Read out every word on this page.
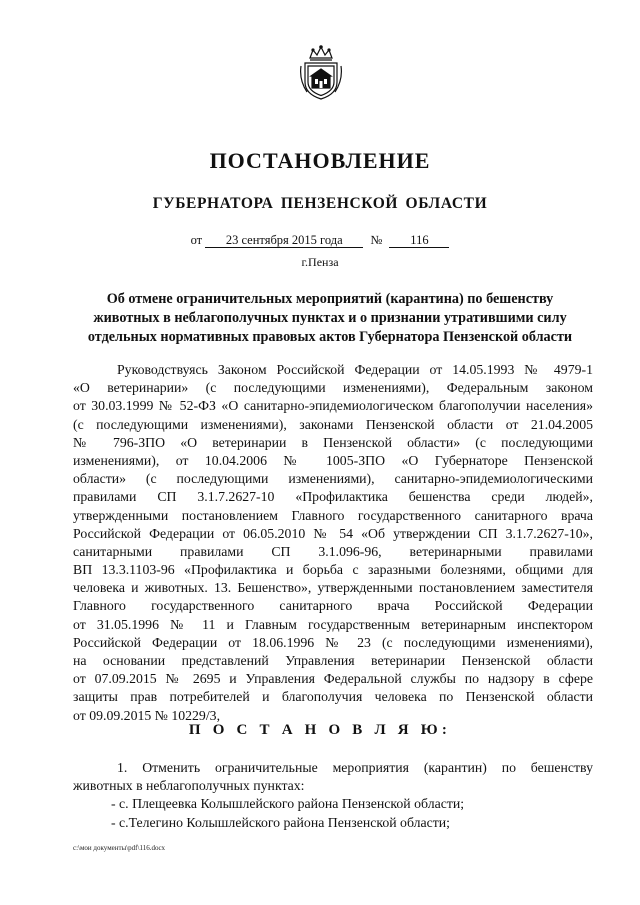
ПОСТАНОВЛЕНИЕ
ГУБЕРНАТОРА ПЕНЗЕНСКОЙ ОБЛАСТИ
от 23 сентября 2015 года № 116
г.Пенза
Об отмене ограничительных мероприятий (карантина) по бешенству
животных в неблагополучных пунктах и о признании утратившими силу
отдельных нормативных правовых актов Губернатора Пензенской области
Руководствуясь Законом Российской Федерации от 14.05.1993 № 4979-1
«О ветеринарии» (с последующими изменениями), Федеральным законом
от 30.03.1999 № 52-ФЗ «О санитарно-эпидемиологическом благополучии населения»
(с последующими изменениями), законами Пензенской области от 21.04.2005
№ 796-ЗПО «О ветеринарии в Пензенской области» (с последующими
изменениями), от 10.04.2006 № 1005-ЗПО «О Губернаторе Пензенской
области» (с последующими изменениями), санитарно-эпидемиологическими
правилами СП 3.1.7.2627-10 «Профилактика бешенства среди людей»,
утвержденными постановлением Главного государственного санитарного врача
Российской Федерации от 06.05.2010 № 54 «Об утверждении СП 3.1.7.2627-10»,
санитарными правилами СП 3.1.096-96, ветеринарными правилами
ВП 13.3.1103-96 «Профилактика и борьба с заразными болезнями, общими для
человека и животных. 13. Бешенство», утвержденными постановлением заместителя
Главного государственного санитарного врача Российской Федерации
от 31.05.1996 № 11 и Главным государственным ветеринарным инспектором
Российской Федерации от 18.06.1996 № 23 (с последующими изменениями),
на основании представлений Управления ветеринарии Пензенской области
от 07.09.2015 № 2695 и Управления Федеральной службы по надзору в сфере
защиты прав потребителей и благополучия человека по Пензенской области
от 09.09.2015 № 10229/3,
П О С Т А Н О В Л Я Ю:
1. Отменить ограничительные мероприятия (карантин) по бешенству
животных в неблагополучных пунктах:
- с. Плещеевка Колышлейского района Пензенской области;
- с.Телегино Колышлейского района Пензенской области;
c:\мои документы\pdf\116.docx
